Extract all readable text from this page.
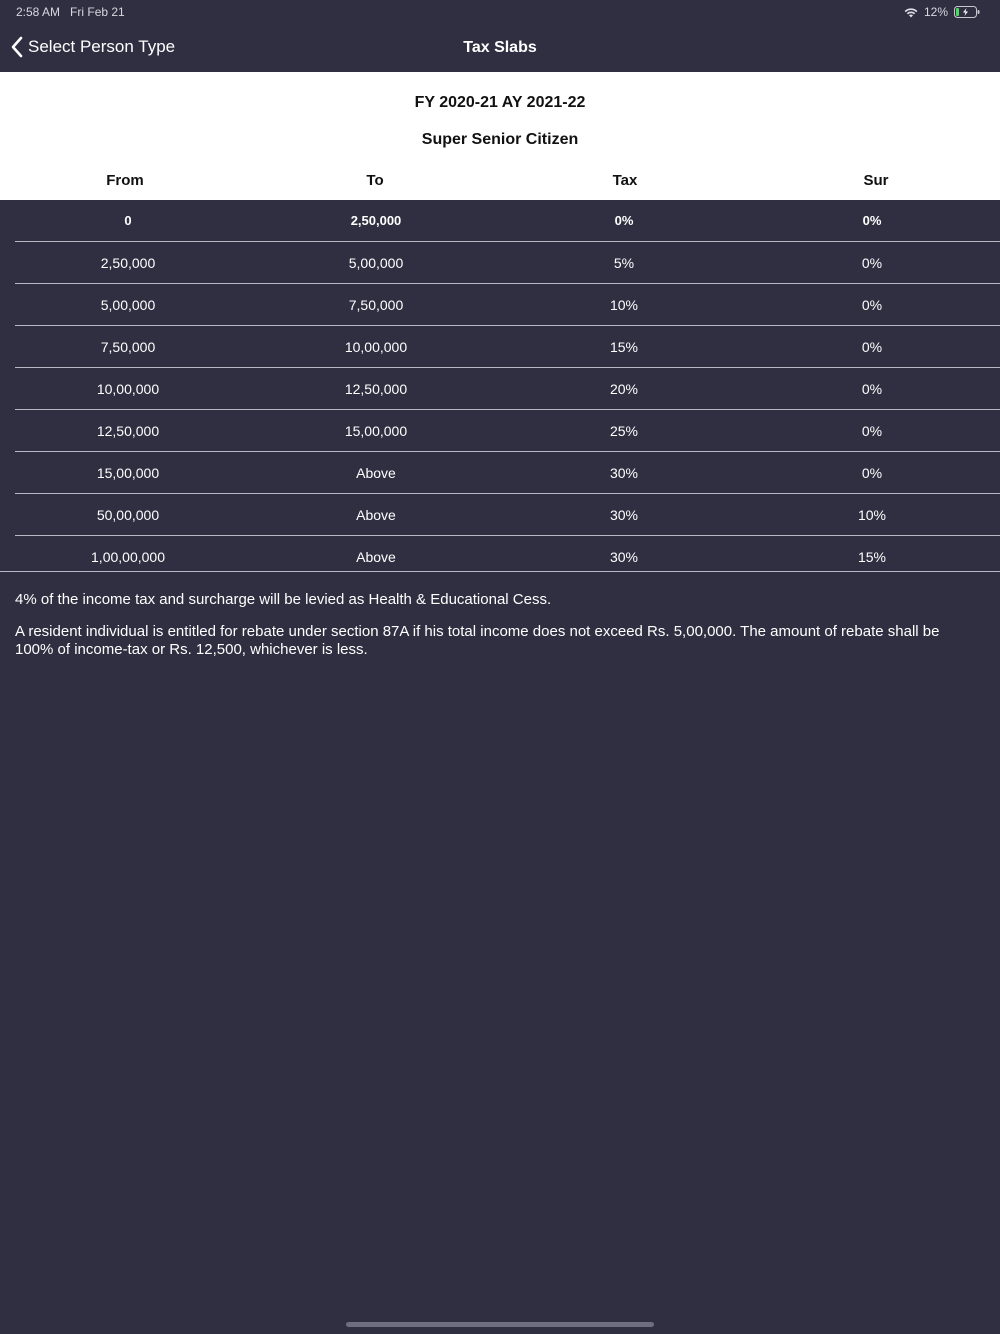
2:58 AM Fri Feb 21	12%
Select Person Type	Tax Slabs
FY 2020-21 AY 2021-22
Super Senior Citizen
From	To	Tax	Sur
0	2,50,000	0%	0%
2,50,000	5,00,000	5%	0%
5,00,000	7,50,000	10%	0%
7,50,000	10,00,000	15%	0%
10,00,000	12,50,000	20%	0%
12,50,000	15,00,000	25%	0%
15,00,000	Above	30%	0%
50,00,000	Above	30%	10%
1,00,00,000	Above	30%	15%

4% of the income tax and surcharge will be levied as Health & Educational Cess.

A resident individual is entitled for rebate under section 87A if his total income does not exceed Rs. 5,00,000. The amount of rebate shall be 100% of income-tax or Rs. 12,500, whichever is less.
